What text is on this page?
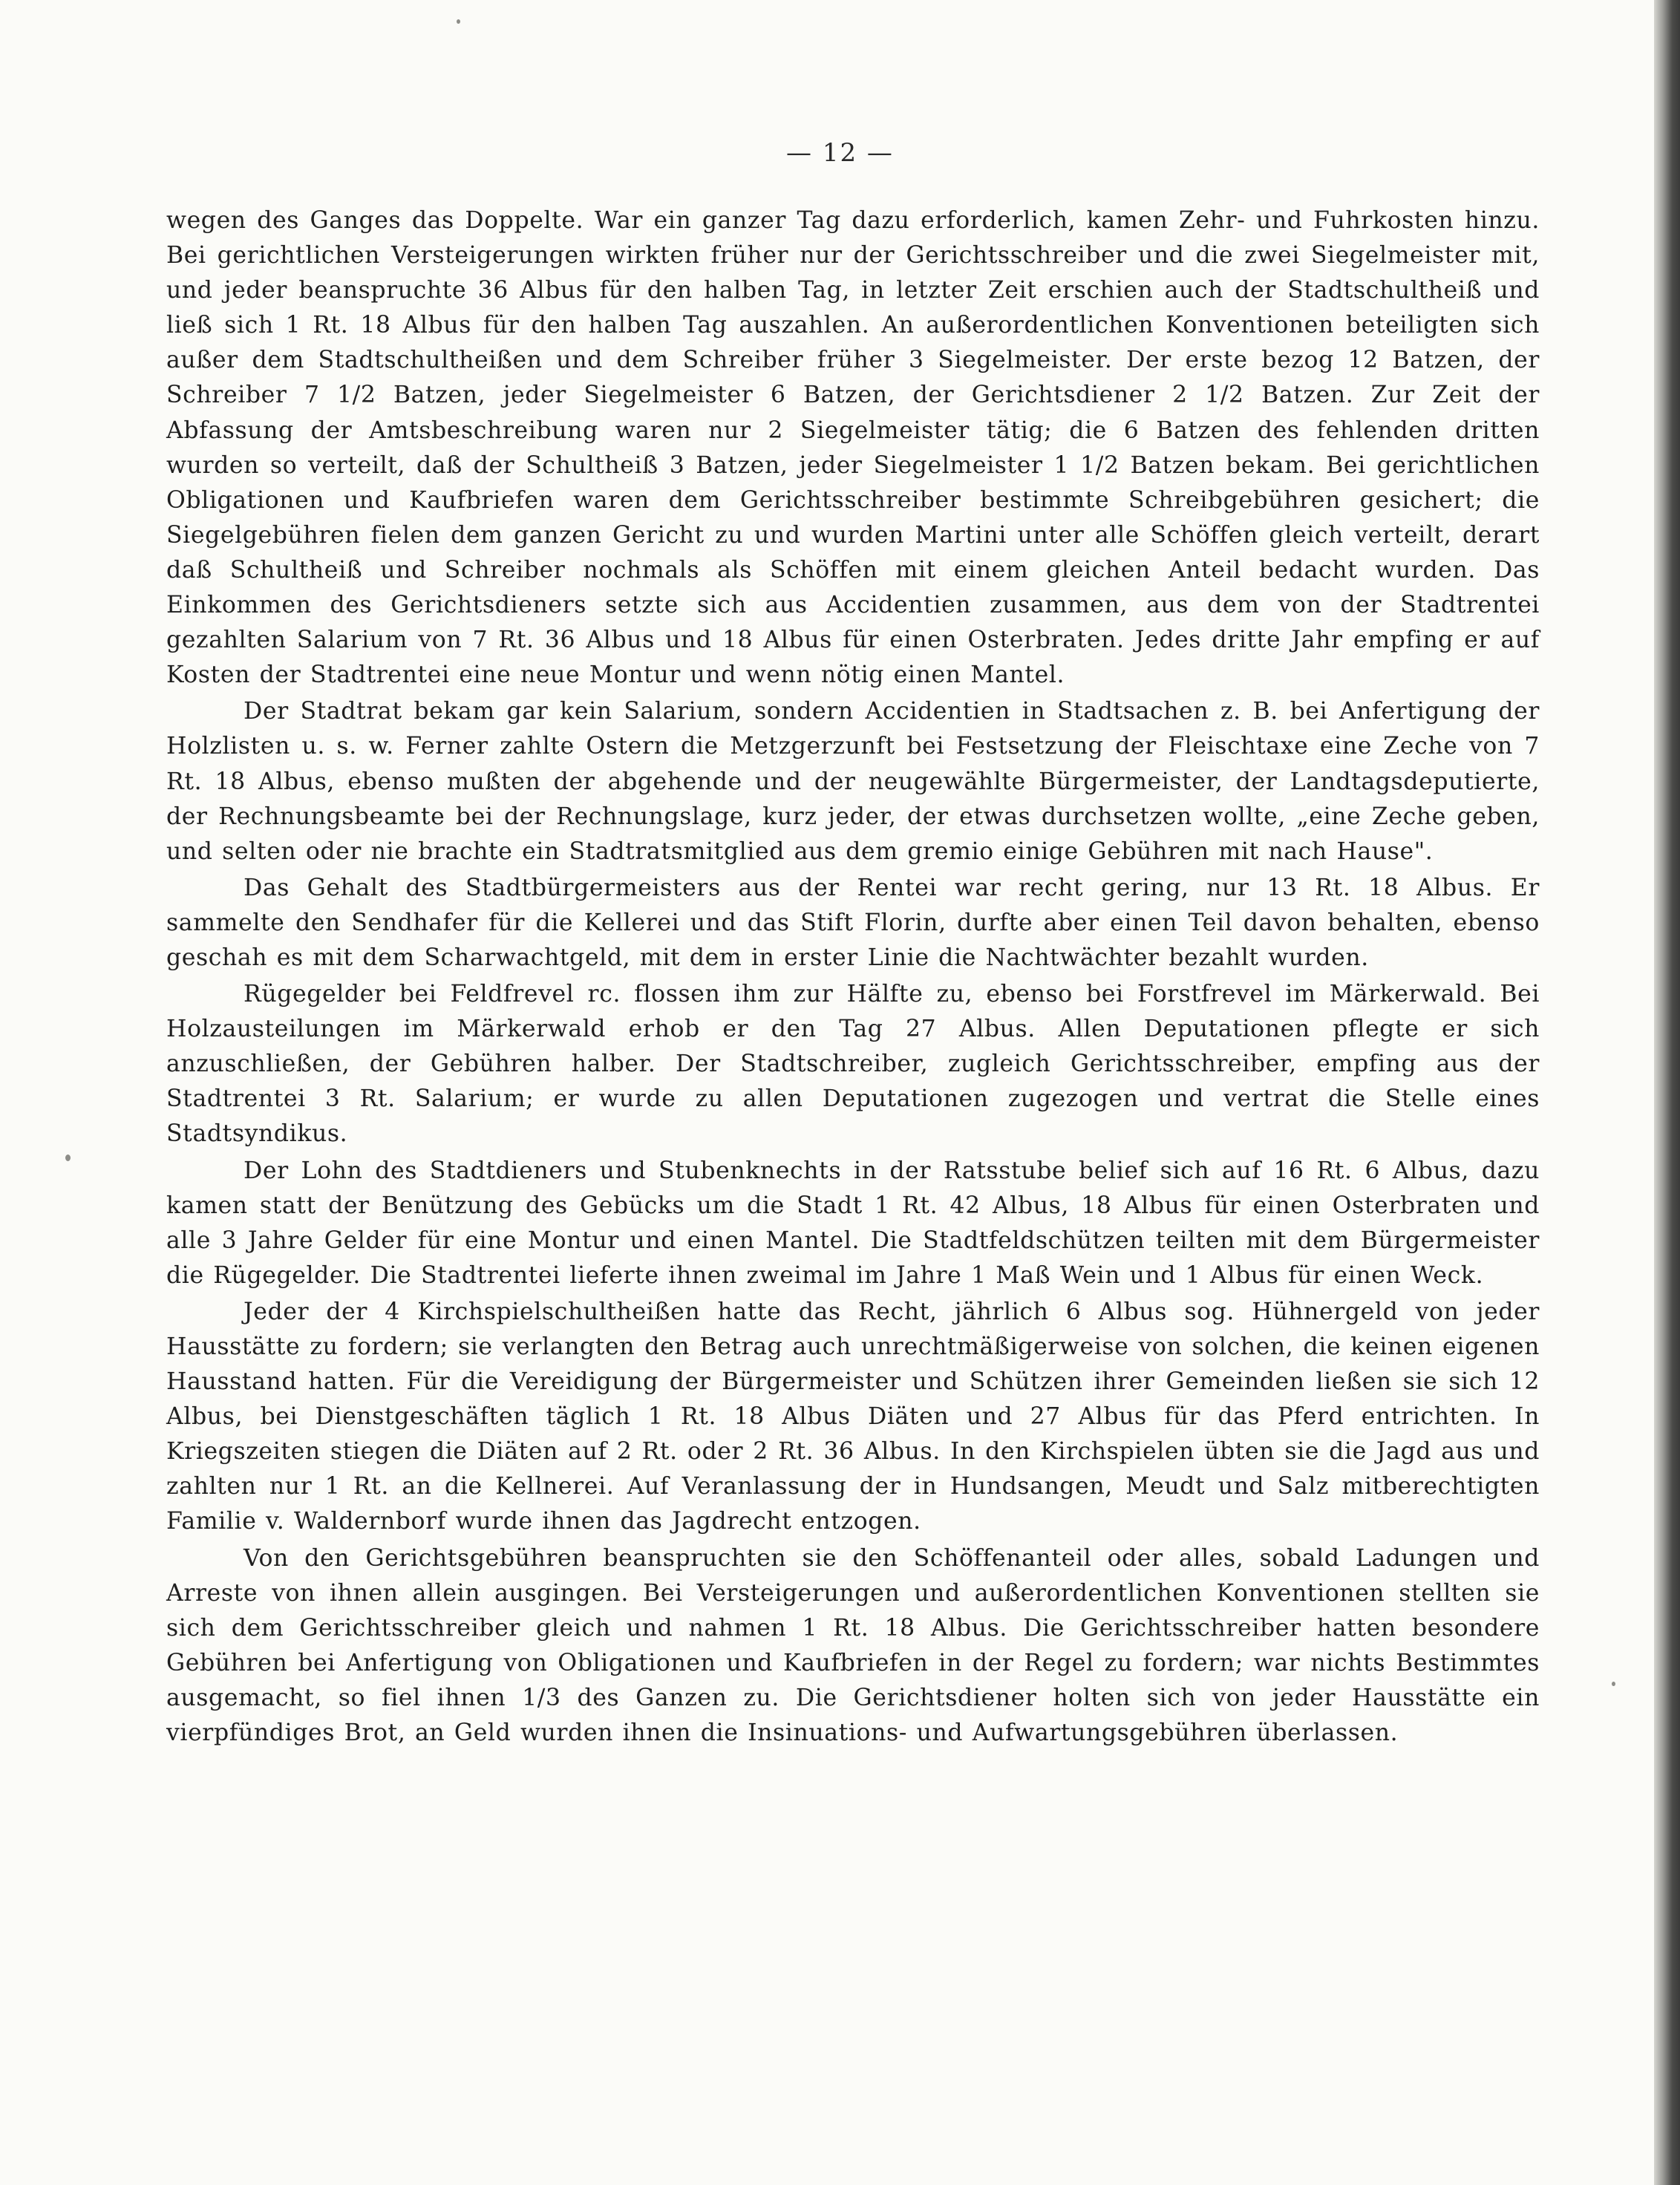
— 12 —

wegen des Ganges das Doppelte. War ein ganzer Tag dazu erforderlich, kamen Zehr- und Fuhrkosten hinzu. Bei gerichtlichen Versteigerungen wirkten früher nur der Gerichtsschreiber und die zwei Siegelmeister mit, und jeder beanspruchte 36 Albus für den halben Tag, in letzter Zeit erschien auch der Stadtschultheiß und ließ sich 1 Rt. 18 Albus für den halben Tag auszahlen. An außerordentlichen Konventionen beteiligten sich außer dem Stadtschultheißen und dem Schreiber früher 3 Siegelmeister. Der erste bezog 12 Batzen, der Schreiber 7 1/2 Batzen, jeder Siegelmeister 6 Batzen, der Gerichtsdiener 2 1/2 Batzen. Zur Zeit der Abfassung der Amtsbeschreibung waren nur 2 Siegelmeister tätig; die 6 Batzen des fehlenden dritten wurden so verteilt, daß der Schultheiß 3 Batzen, jeder Siegelmeister 1 1/2 Batzen bekam. Bei gerichtlichen Obligationen und Kaufbriefen waren dem Gerichtsschreiber bestimmte Schreibgebühren gesichert; die Siegelgebühren fielen dem ganzen Gericht zu und wurden Martini unter alle Schöffen gleich verteilt, derart daß Schultheiß und Schreiber nochmals als Schöffen mit einem gleichen Anteil bedacht wurden. Das Einkommen des Gerichtsdieners setzte sich aus Accidentien zusammen, aus dem von der Stadtrentei gezahlten Salarium von 7 Rt. 36 Albus und 18 Albus für einen Osterbraten. Jedes dritte Jahr empfing er auf Kosten der Stadtrentei eine neue Montur und wenn nötig einen Mantel.

Der Stadtrat bekam gar kein Salarium, sondern Accidentien in Stadtsachen z. B. bei Anfertigung der Holzlisten u. s. w. Ferner zahlte Ostern die Metzgerzunft bei Festsetzung der Fleischtaxe eine Zeche von 7 Rt. 18 Albus, ebenso mußten der abgehende und der neugewählte Bürgermeister, der Landtagsdeputierte, der Rechnungsbeamte bei der Rechnungslage, kurz jeder, der etwas durchsetzen wollte, „eine Zeche geben, und selten oder nie brachte ein Stadtratsmitglied aus dem gremio einige Gebühren mit nach Hause".

Das Gehalt des Stadtbürgermeisters aus der Rentei war recht gering, nur 13 Rt. 18 Albus. Er sammelte den Sendhafer für die Kellerei und das Stift Florin, durfte aber einen Teil davon behalten, ebenso geschah es mit dem Scharwachtgeld, mit dem in erster Linie die Nachtwächter bezahlt wurden.

Rügegelder bei Feldfrevel rc. flossen ihm zur Hälfte zu, ebenso bei Forstfrevel im Märkerwald. Bei Holzausteilungen im Märkerwald erhob er den Tag 27 Albus. Allen Deputationen pflegte er sich anzuschließen, der Gebühren halber. Der Stadtschreiber, zugleich Gerichtsschreiber, empfing aus der Stadtrentei 3 Rt. Salarium; er wurde zu allen Deputationen zugezogen und vertrat die Stelle eines Stadtsyndikus.

Der Lohn des Stadtdieners und Stubenknechts in der Ratsstube belief sich auf 16 Rt. 6 Albus, dazu kamen statt der Benützung des Gebücks um die Stadt 1 Rt. 42 Albus, 18 Albus für einen Osterbraten und alle 3 Jahre Gelder für eine Montur und einen Mantel. Die Stadtfeldschützen teilten mit dem Bürgermeister die Rügegelder. Die Stadtrentei lieferte ihnen zweimal im Jahre 1 Maß Wein und 1 Albus für einen Weck.

Jeder der 4 Kirchspielschultheißen hatte das Recht, jährlich 6 Albus sog. Hühnergeld von jeder Hausstätte zu fordern; sie verlangten den Betrag auch unrechtmäßigerweise von solchen, die keinen eigenen Hausstand hatten. Für die Vereidigung der Bürgermeister und Schützen ihrer Gemeinden ließen sie sich 12 Albus, bei Dienstgeschäften täglich 1 Rt. 18 Albus Diäten und 27 Albus für das Pferd entrichten. In Kriegszeiten stiegen die Diäten auf 2 Rt. oder 2 Rt. 36 Albus. In den Kirchspielen übten sie die Jagd aus und zahlten nur 1 Rt. an die Kellnerei. Auf Veranlassung der in Hundsangen, Meudt und Salz mitberechtigten Familie v. Waldernborf wurde ihnen das Jagdrecht entzogen.

Von den Gerichtsgebühren beanspruchten sie den Schöffenanteil oder alles, sobald Ladungen und Arreste von ihnen allein ausgingen. Bei Versteigerungen und außerordentlichen Konventionen stellten sie sich dem Gerichtsschreiber gleich und nahmen 1 Rt. 18 Albus. Die Gerichtsschreiber hatten besondere Gebühren bei Anfertigung von Obligationen und Kaufbriefen in der Regel zu fordern; war nichts Bestimmtes ausgemacht, so fiel ihnen 1/3 des Ganzen zu. Die Gerichtsdiener holten sich von jeder Hausstätte ein vierpfündiges Brot, an Geld wurden ihnen die Insinuations- und Aufwartungsgebühren überlassen.
